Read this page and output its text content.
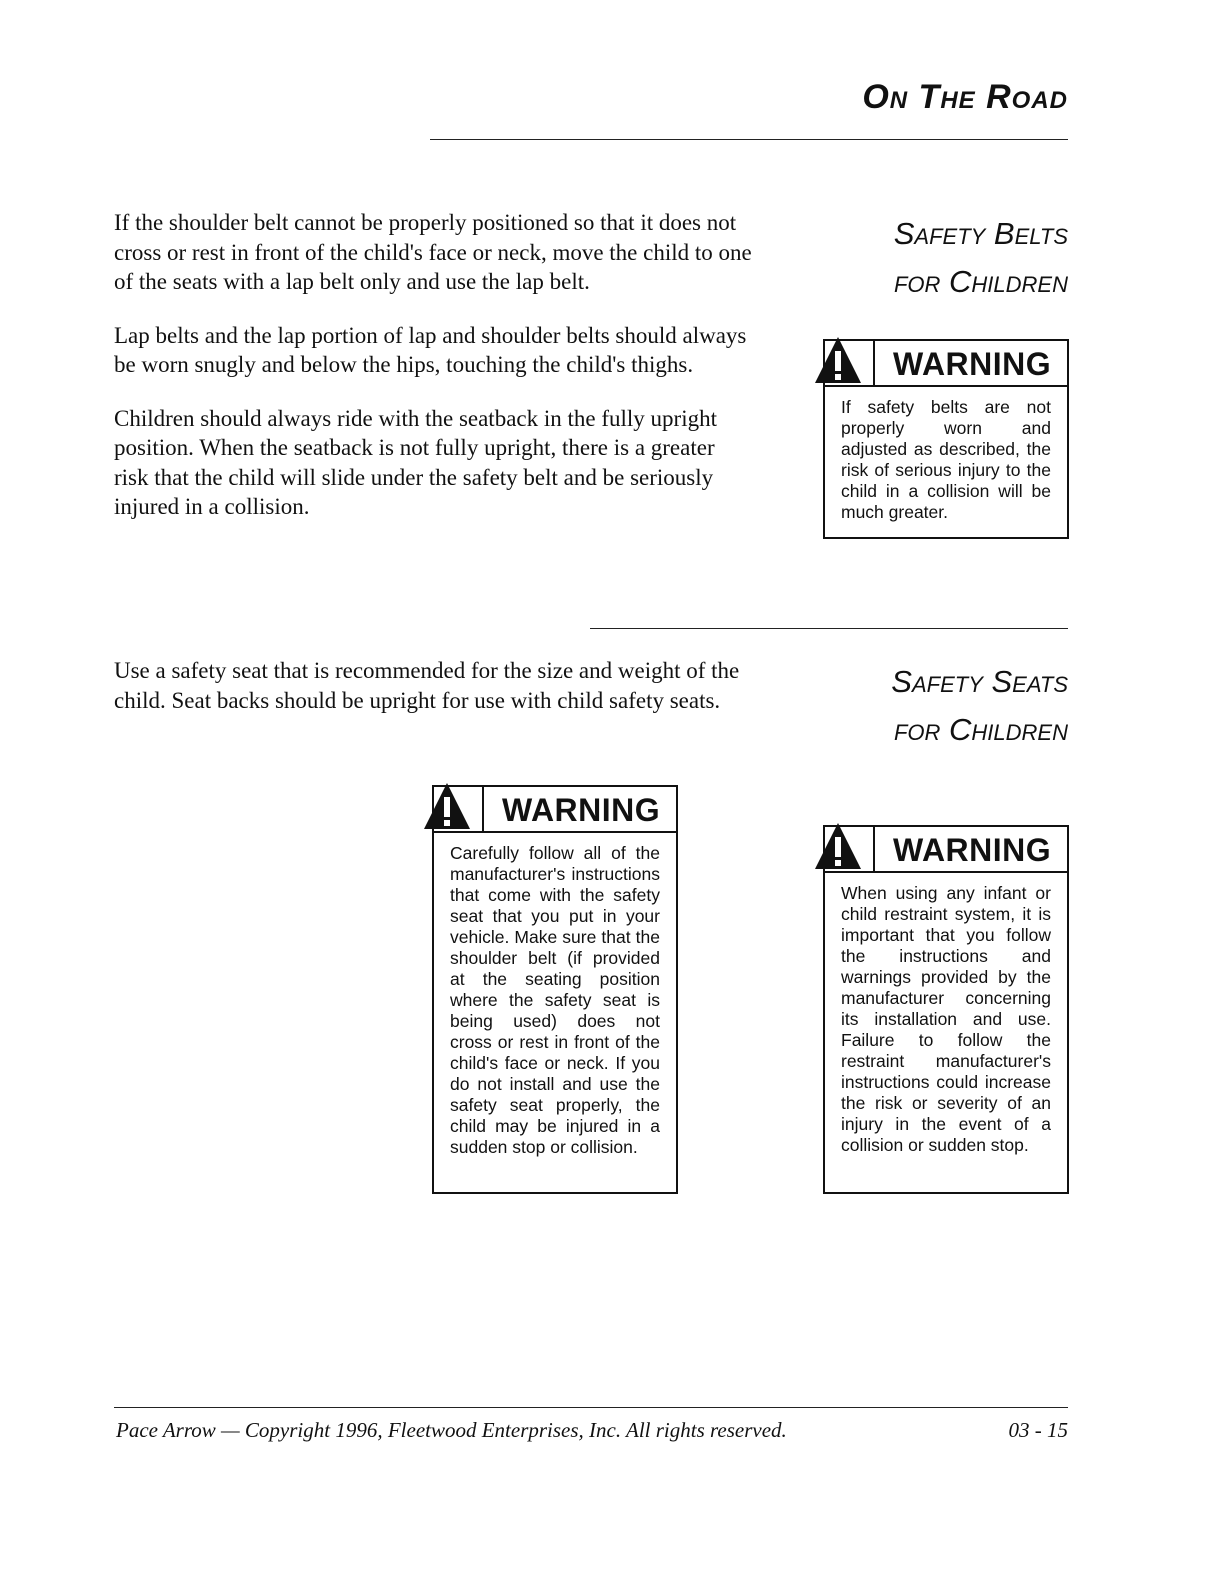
On The Road

If the shoulder belt cannot be properly positioned so that it does not cross or rest in front of the child's face or neck, move the child to one of the seats with a lap belt only and use the lap belt.

Lap belts and the lap portion of lap and shoulder belts should always be worn snugly and below the hips, touching the child's thighs.

Children should always ride with the seatback in the fully upright position. When the seatback is not fully upright, there is a greater risk that the child will slide under the safety belt and be seriously injured in a collision.

Safety Belts
for Children
WARNING
If safety belts are not properly worn and adjusted as described, the risk of serious injury to the child in a collision will be much greater.

Use a safety seat that is recommended for the size and weight of the child. Seat backs should be upright for use with child safety seats.

Safety Seats
for Children
WARNING
Carefully follow all of the manufacturer's instructions that come with the safety seat that you put in your vehicle. Make sure that the shoulder belt (if provided at the seating position where the safety seat is being used) does not cross or rest in front of the child's face or neck. If you do not install and use the safety seat properly, the child may be injured in a sudden stop or collision.
WARNING
When using any infant or child restraint system, it is important that you follow the instructions and warnings provided by the manufacturer concerning its installation and use. Failure to follow the restraint manufacturer's instructions could increase the risk or severity of an injury in the event of a collision or sudden stop.
Pace Arrow — Copyright 1996, Fleetwood Enterprises, Inc. All rights reserved.	03 - 15
